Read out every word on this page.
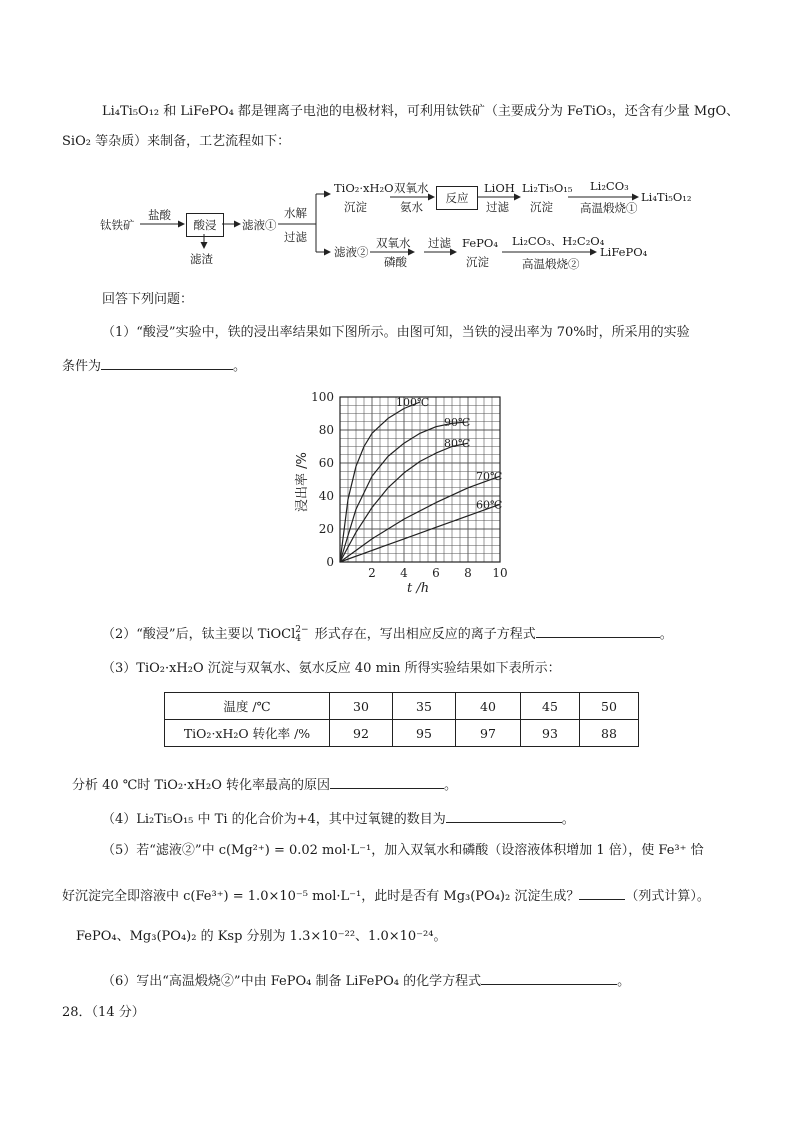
Li₄Ti₅O₁₂ 和 LiFePO₄ 都是锂离子电池的电极材料，可利用钛铁矿（主要成分为 FeTiO₃，还含有少量 MgO、
SiO₂ 等杂质）来制备，工艺流程如下：
钛铁矿
盐酸
酸浸
滤渣
滤液①
水解
过滤
TiO₂·xH₂O
沉淀
双氧水
氨水
反应
LiOH
过滤
Li₂Ti₅O₁₅
沉淀
Li₂CO₃
高温煅烧①
Li₄Ti₅O₁₂
滤液②
双氧水
磷酸
过滤 FePO₄
沉淀
Li₂CO₃、H₂C₂O₄
高温煅烧②
LiFePO₄
回答下列问题：
（1）“酸浸”实验中，铁的浸出率结果如下图所示。由图可知，当铁的浸出率为 70%时，所采用的实验
条件为	。
0
20
40
60
80
100
2 4 6 8 10
100℃
90℃
80℃
70℃
60℃
t /h
浸出率 /%
（2）“酸浸”后，钛主要以 TiOCl 2−
4 形式存在，写出相应反应的离子方程式	。
（3）TiO₂·xH₂O 沉淀与双氧水、氨水反应 40 min 所得实验结果如下表所示：
温度 /℃	30	35	40	45	50
TiO₂·xH₂O 转化率 /%	92	95	97	93	88
分析 40 ℃时 TiO₂·xH₂O 转化率最高的原因	。
（4）Li₂Ti₅O₁₅ 中 Ti 的化合价为+4，其中过氧键的数目为	。
（5）若“滤液②”中 c(Mg²⁺) = 0.02 mol·L⁻¹，加入双氧水和磷酸（设溶液体积增加 1 倍），使 Fe³⁺ 恰
好沉淀完全即溶液中 c(Fe³⁺) = 1.0×10⁻⁵ mol·L⁻¹，此时是否有 Mg₃(PO₄)₂ 沉淀生成？	（列式计算）。
FePO₄、Mg₃(PO₄)₂ 的 Ksp 分别为 1.3×10⁻²²、1.0×10⁻²⁴。
（6）写出“高温煅烧②”中由 FePO₄ 制备 LiFePO₄ 的化学方程式	。
28．（14 分）
